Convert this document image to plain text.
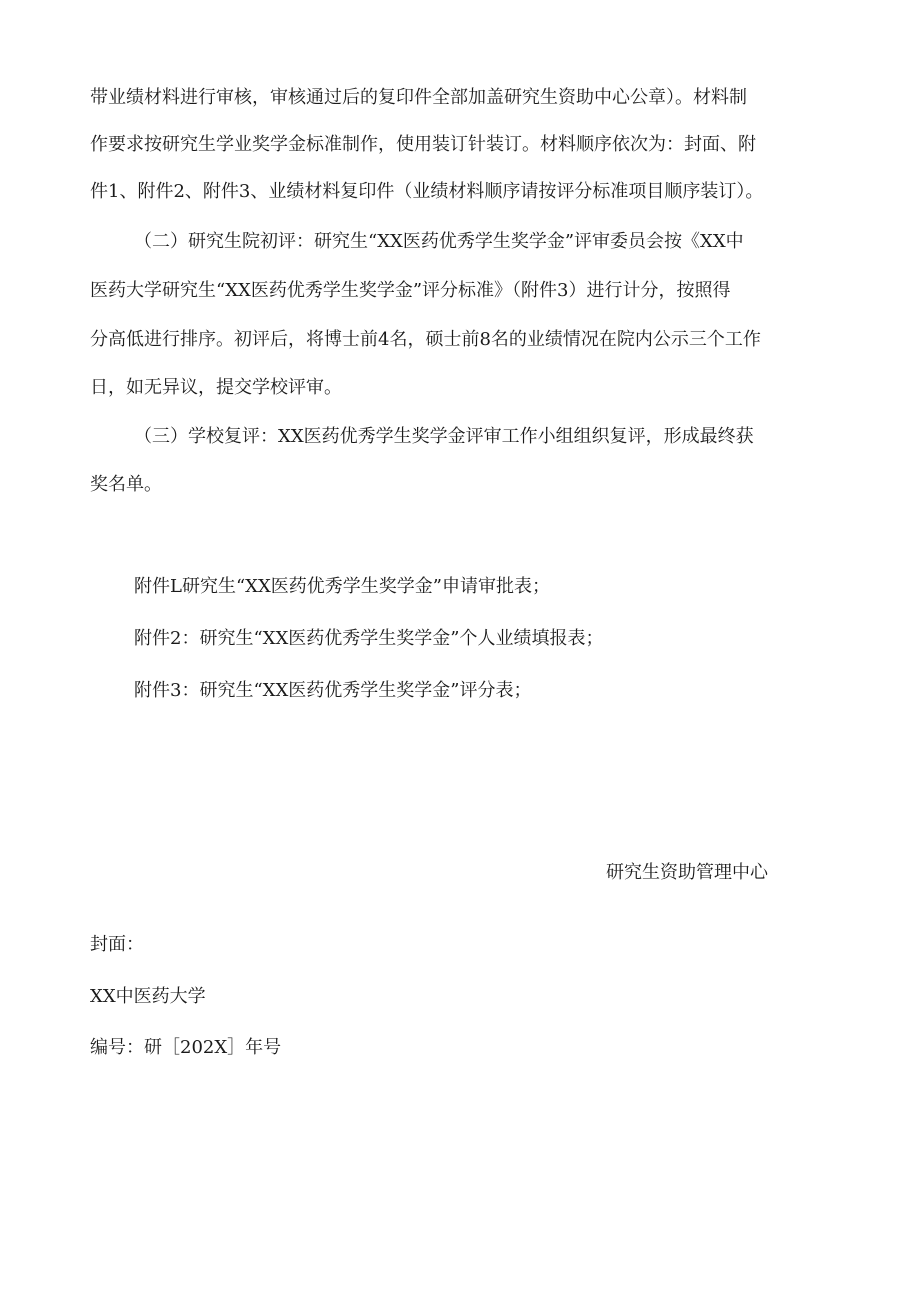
带业绩材料进行审核，审核通过后的复印件全部加盖研究生资助中心公章）。材料制
作要求按研究生学业奖学金标准制作，使用装订针装订。材料顺序依次为：封面、附
件1、附件2、附件3、业绩材料复印件（业绩材料顺序请按评分标准项目顺序装订）。
（二）研究生院初评：研究生“XX医药优秀学生奖学金”评审委员会按《XX中
医药大学研究生“XX医药优秀学生奖学金”评分标准》（附件3）进行计分，按照得
分高低进行排序。初评后，将博士前4名，硕士前8名的业绩情况在院内公示三个工作
日，如无异议，提交学校评审。
（三）学校复评：XX医药优秀学生奖学金评审工作小组组织复评，形成最终获
奖名单。
附件L研究生“XX医药优秀学生奖学金”申请审批表；
附件2：研究生“XX医药优秀学生奖学金”个人业绩填报表；
附件3：研究生“XX医药优秀学生奖学金”评分表；
研究生资助管理中心
封面：
XX中医药大学
编号：研［202X］年号
